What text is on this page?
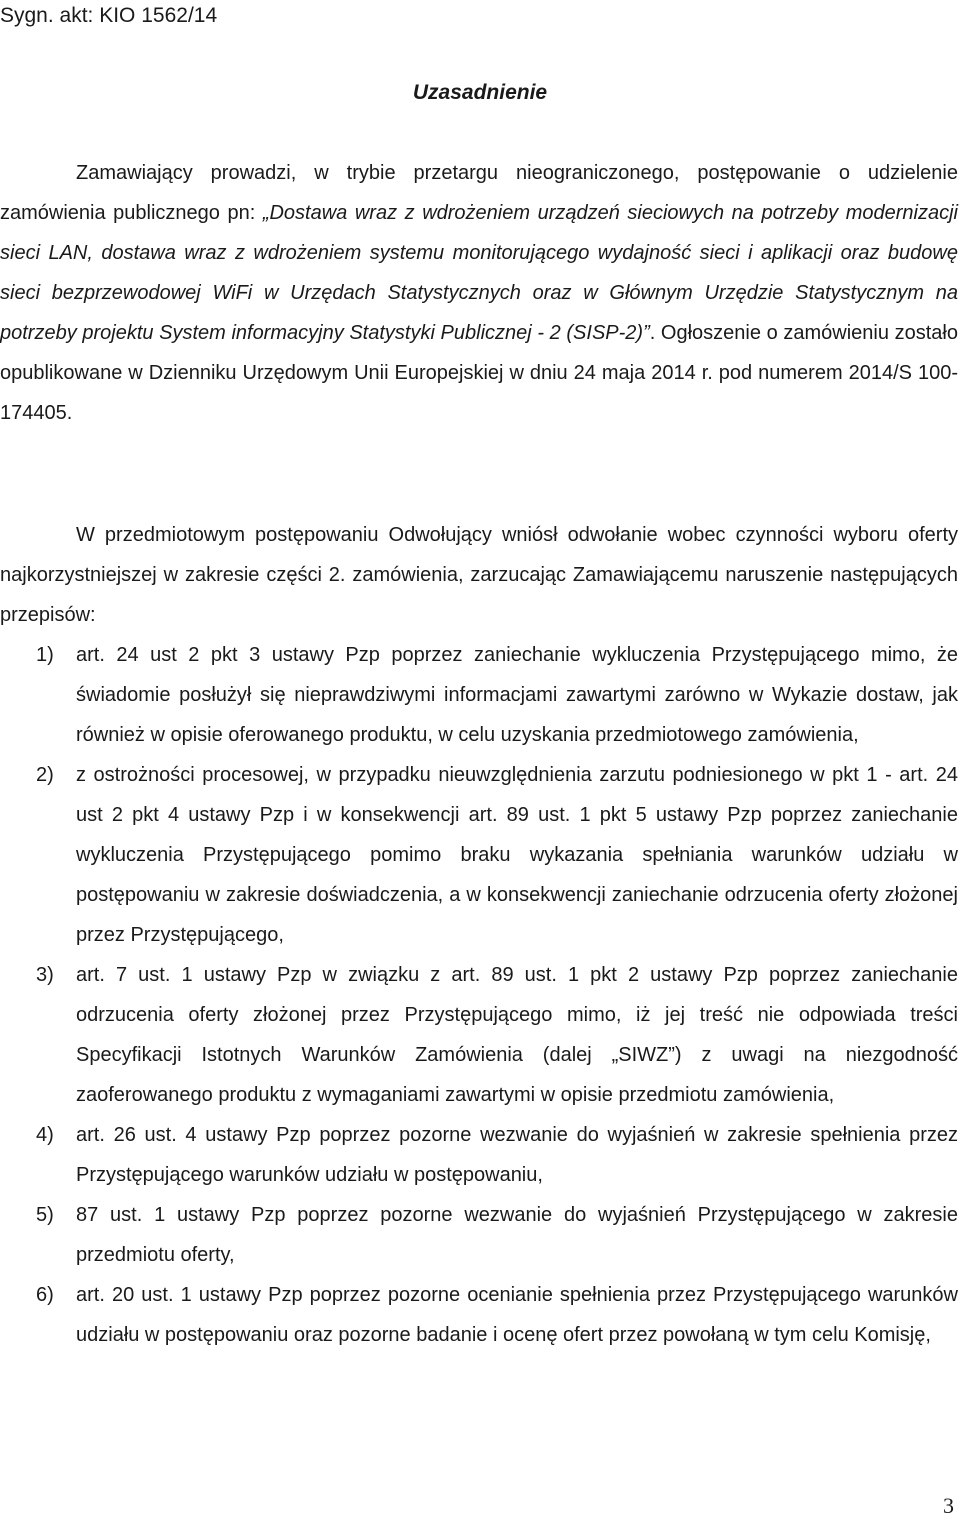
Sygn. akt: KIO 1562/14
Uzasadnienie

Zamawiający prowadzi, w trybie przetargu nieograniczonego, postępowanie o udzielenie zamówienia publicznego pn: „Dostawa wraz z wdrożeniem urządzeń sieciowych na potrzeby modernizacji sieci LAN, dostawa wraz z wdrożeniem systemu monitorującego wydajność sieci i aplikacji oraz budowę sieci bezprzewodowej WiFi w Urzędach Statystycznych oraz w Głównym Urzędzie Statystycznym na potrzeby projektu System informacyjny Statystyki Publicznej - 2 (SISP-2)”. Ogłoszenie o zamówieniu zostało opublikowane w Dzienniku Urzędowym Unii Europejskiej w dniu 24 maja 2014 r. pod numerem 2014/S 100-174405.

W przedmiotowym postępowaniu Odwołujący wniósł odwołanie wobec czynności wyboru oferty najkorzystniejszej w zakresie części 2. zamówienia, zarzucając Zamawiającemu naruszenie następujących przepisów:

1) art. 24 ust 2 pkt 3 ustawy Pzp poprzez zaniechanie wykluczenia Przystępującego mimo, że świadomie posłużył się nieprawdziwymi informacjami zawartymi zarówno w Wykazie dostaw, jak również w opisie oferowanego produktu, w celu uzyskania przedmiotowego zamówienia,
2) z ostrożności procesowej, w przypadku nieuwzględnienia zarzutu podniesionego w pkt 1 - art. 24 ust 2 pkt 4 ustawy Pzp i w konsekwencji art. 89 ust. 1 pkt 5 ustawy Pzp poprzez zaniechanie wykluczenia Przystępującego pomimo braku wykazania spełniania warunków udziału w postępowaniu w zakresie doświadczenia, a w konsekwencji zaniechanie odrzucenia oferty złożonej przez Przystępującego,
3) art. 7 ust. 1 ustawy Pzp w związku z art. 89 ust. 1 pkt 2 ustawy Pzp poprzez zaniechanie odrzucenia oferty złożonej przez Przystępującego mimo, iż jej treść nie odpowiada treści Specyfikacji Istotnych Warunków Zamówienia (dalej „SIWZ”) z uwagi na niezgodność zaoferowanego produktu z wymaganiami zawartymi w opisie przedmiotu zamówienia,
4) art. 26 ust. 4 ustawy Pzp poprzez pozorne wezwanie do wyjaśnień w zakresie spełnienia przez Przystępującego warunków udziału w postępowaniu,
5) 87 ust. 1 ustawy Pzp poprzez pozorne wezwanie do wyjaśnień Przystępującego w zakresie przedmiotu oferty,
6) art. 20 ust. 1 ustawy Pzp poprzez pozorne ocenianie spełnienia przez Przystępującego warunków udziału w postępowaniu oraz pozorne badanie i ocenę ofert przez powołaną w tym celu Komisję,
3
